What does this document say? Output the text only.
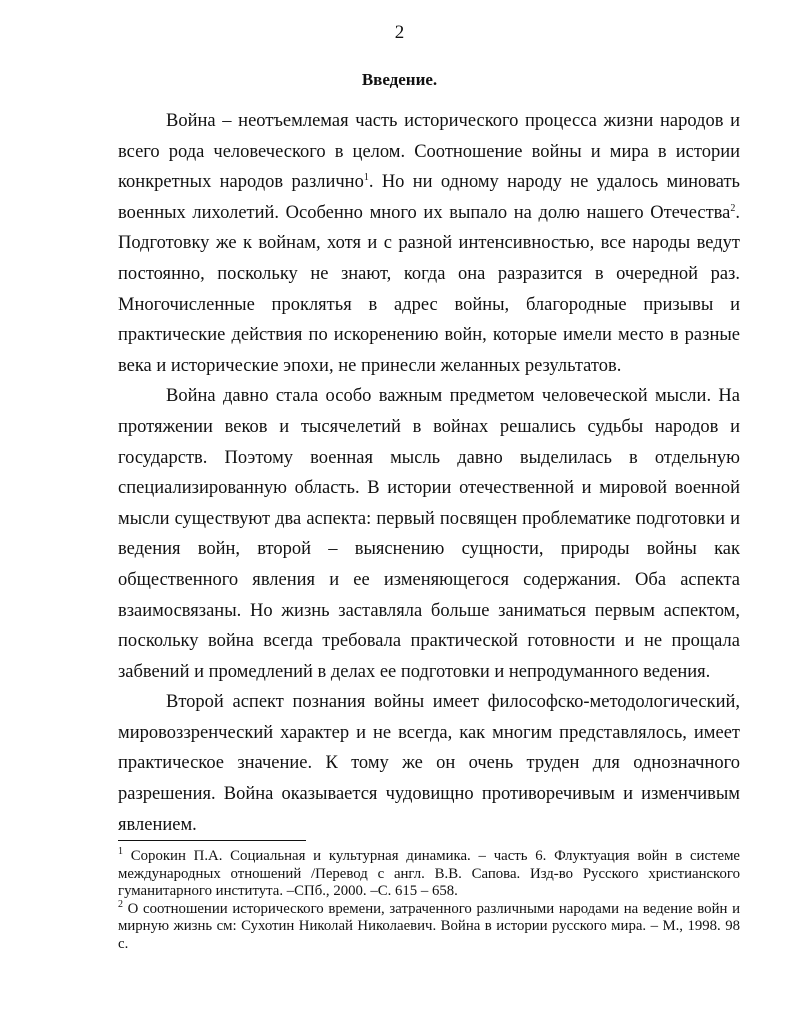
2
Введение.

Война – неотъемлемая часть исторического процесса жизни народов и всего рода человеческого в целом. Соотношение войны и мира в истории конкретных народов различно$^1$. Но ни одному народу не удалось миновать военных лихолетий. Особенно много их выпало на долю нашего Отечества$^2$. Подготовку же к войнам, хотя и с разной интенсивностью, все народы ведут постоянно, поскольку не знают, когда она разразится в очередной раз. Многочисленные проклятья в адрес войны, благородные призывы и практические действия по искоренению войн, которые имели место в разные века и исторические эпохи, не принесли желанных результатов.

Война давно стала особо важным предметом человеческой мысли. На протяжении веков и тысячелетий в войнах решались судьбы народов и государств. Поэтому военная мысль давно выделилась в отдельную специализированную область. В истории отечественной и мировой военной мысли существуют два аспекта: первый посвящен проблематике подготовки и ведения войн, второй – выяснению сущности, природы войны как общественного явления и ее изменяющегося содержания. Оба аспекта взаимосвязаны. Но жизнь заставляла больше заниматься первым аспектом, поскольку война всегда требовала практической готовности и не прощала забвений и промедлений в делах ее подготовки и непродуманного ведения.

Второй аспект познания войны имеет философско-методологический, мировоззренческий характер и не всегда, как многим представлялось, имеет практическое значение. К тому же он очень труден для однозначного разрешения. Война оказывается чудовищно противоречивым и изменчивым явлением.

$^1$ Сорокин П.А. Социальная и культурная динамика. – часть 6. Флуктуация войн в системе международных отношений /Перевод с англ. В.В. Сапова. Изд-во Русского христианского гуманитарного института. –СПб., 2000. –С. 615 – 658.

$^2$ О соотношении исторического времени, затраченного различными народами на ведение войн и мирную жизнь см: Сухотин Николай Николаевич. Война в истории русского мира. – М., 1998. 98 с.
